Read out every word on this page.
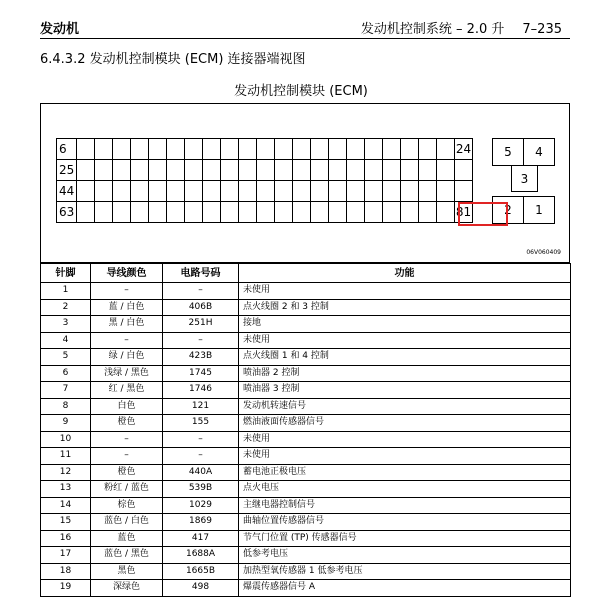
发动机	发动机控制系统 – 2.0 升 7–235
6.4.3.2 发动机控制模块 (ECM) 连接器端视图
发动机控制模块 (ECM)
6																						24
25																						
44																						
63																						81
5	4
3
2	1
06V060409
针脚	导线颜色	电路号码	功能
1	–	–	未使用
2	蓝 / 白色	406B	点火线圈 2 和 3 控制
3	黑 / 白色	251H	接地
4	–	–	未使用
5	绿 / 白色	423B	点火线圈 1 和 4 控制
6	浅绿 / 黑色	1745	喷油器 2 控制
7	红 / 黑色	1746	喷油器 3 控制
8	白色	121	发动机转速信号
9	橙色	155	燃油液面传感器信号
10	–	–	未使用
11	–	–	未使用
12	橙色	440A	蓄电池正极电压
13	粉红 / 蓝色	539B	点火电压
14	棕色	1029	主继电器控制信号
15	蓝色 / 白色	1869	曲轴位置传感器信号
16	蓝色	417	节气门位置 (TP) 传感器信号
17	蓝色 / 黑色	1688A	低参考电压
18	黑色	1665B	加热型氧传感器 1 低参考电压
19	深绿色	498	爆震传感器信号 A
